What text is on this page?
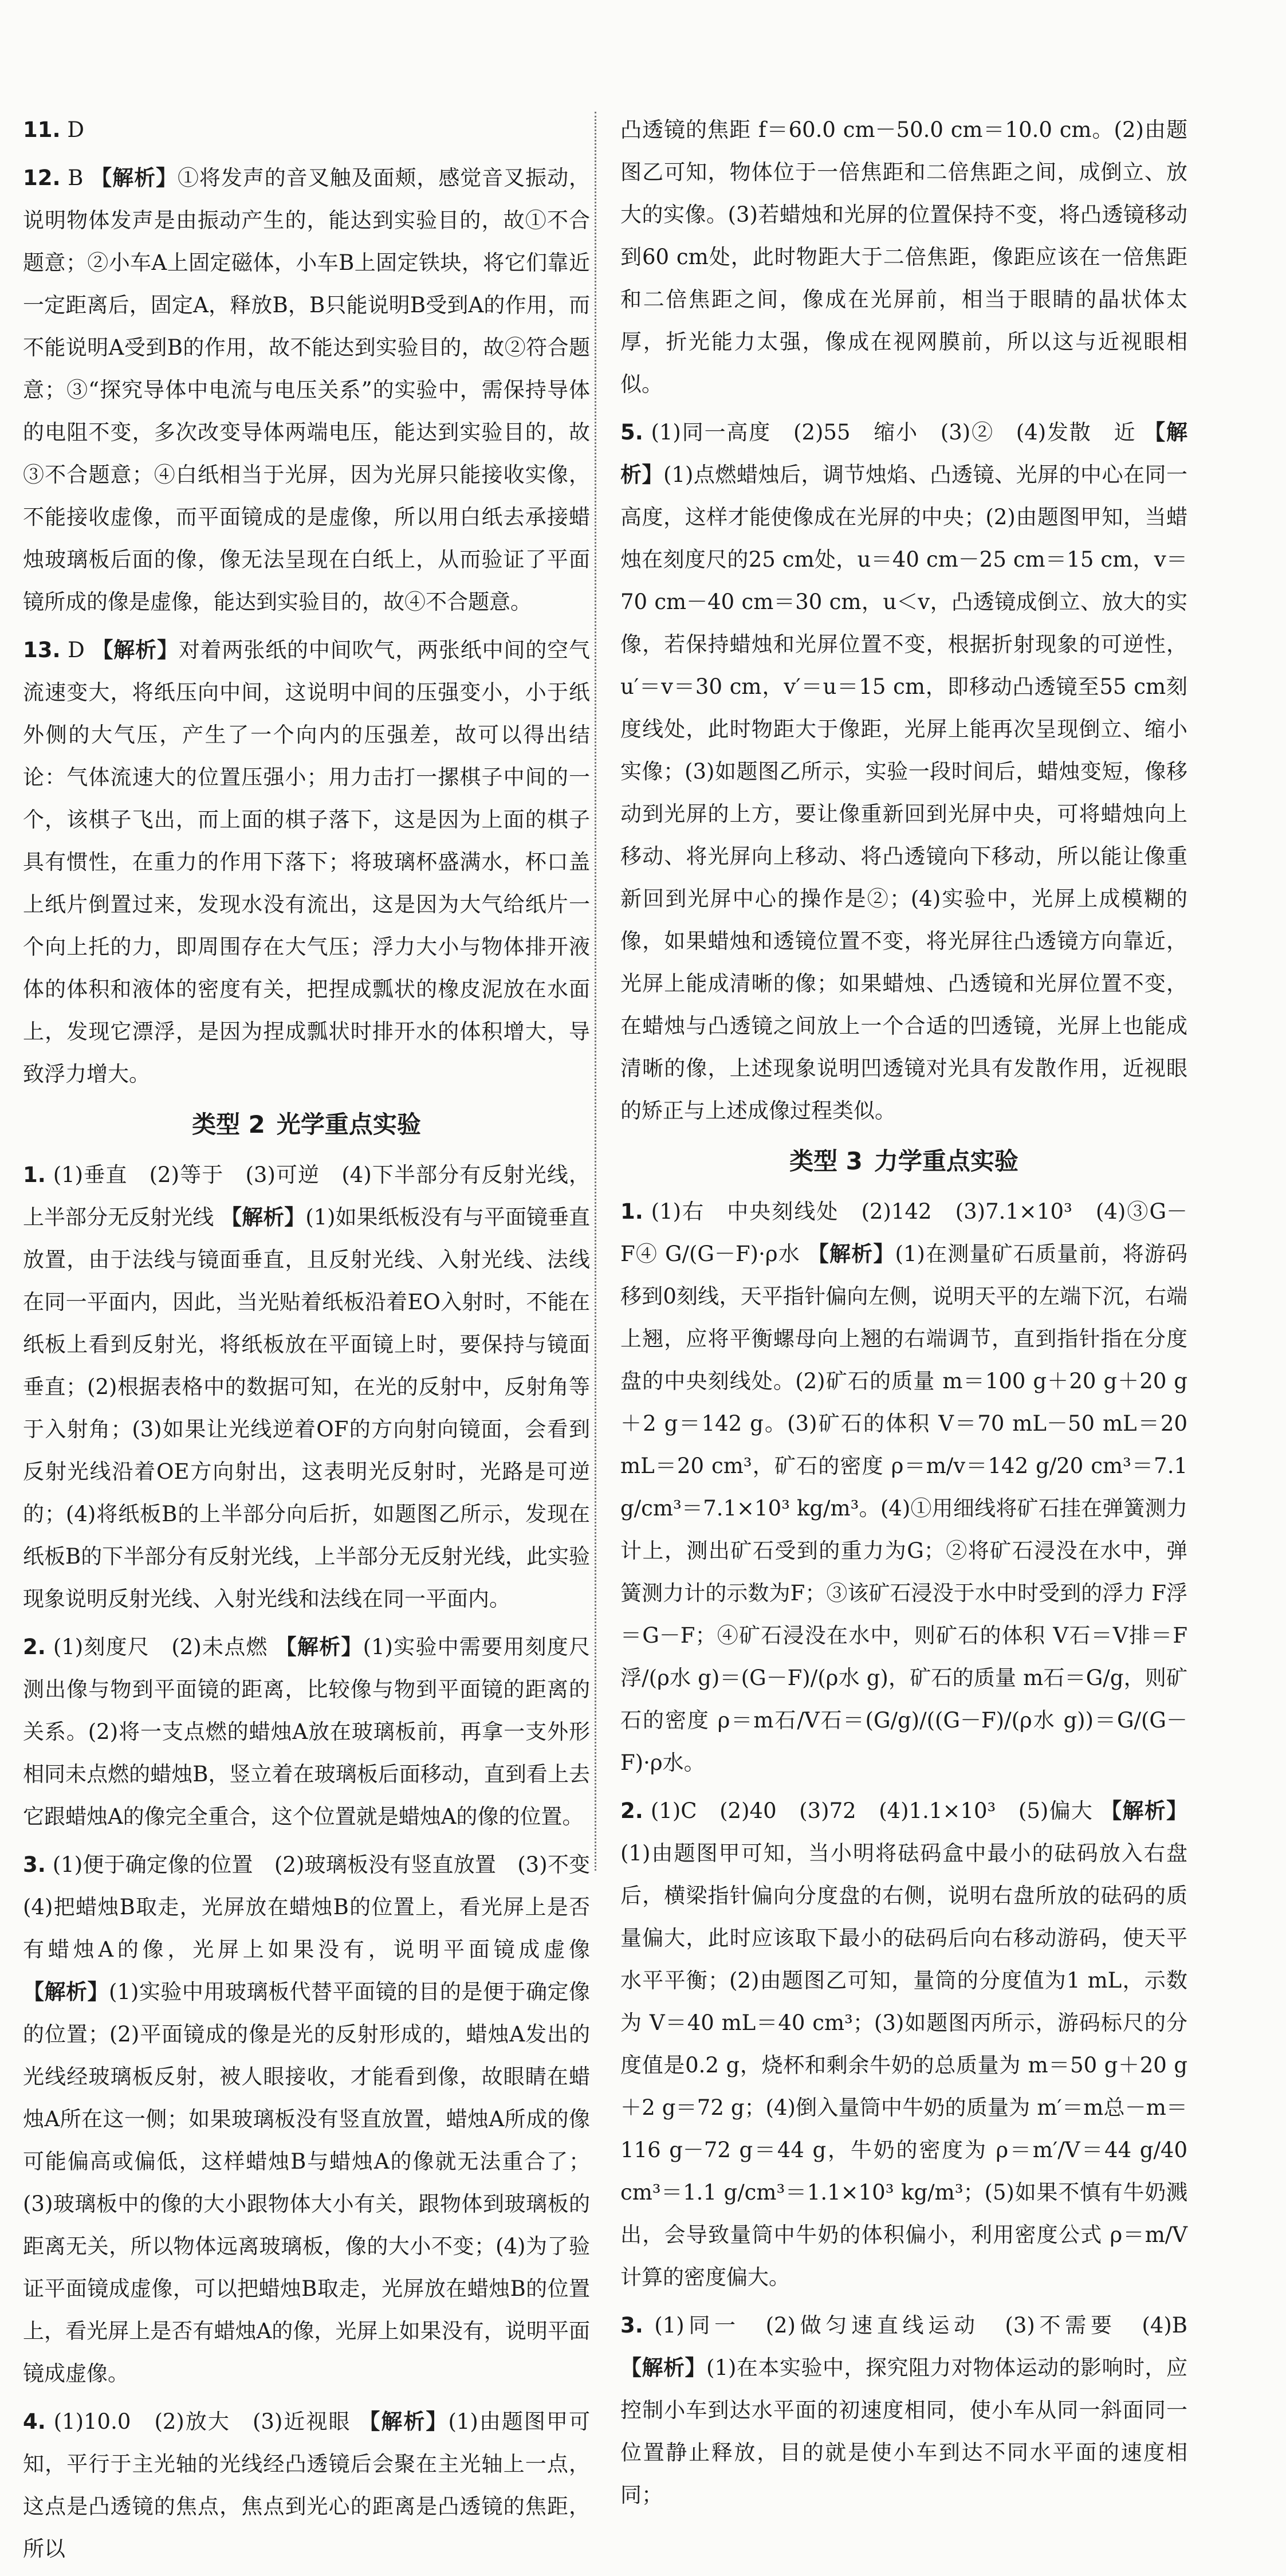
11. D

12. B 【解析】①将发声的音叉触及面颊，感觉音叉振动，说明物体发声是由振动产生的，能达到实验目的，故①不合题意；②小车A上固定磁体，小车B上固定铁块，将它们靠近一定距离后，固定A，释放B，B只能说明B受到A的作用，而不能说明A受到B的作用，故不能达到实验目的，故②符合题意；③“探究导体中电流与电压关系”的实验中，需保持导体的电阻不变，多次改变导体两端电压，能达到实验目的，故③不合题意；④白纸相当于光屏，因为光屏只能接收实像，不能接收虚像，而平面镜成的是虚像，所以用白纸去承接蜡烛玻璃板后面的像，像无法呈现在白纸上，从而验证了平面镜所成的像是虚像，能达到实验目的，故④不合题意。

13. D 【解析】对着两张纸的中间吹气，两张纸中间的空气流速变大，将纸压向中间，这说明中间的压强变小，小于纸外侧的大气压，产生了一个向内的压强差，故可以得出结论：气体流速大的位置压强小；用力击打一摞棋子中间的一个，该棋子飞出，而上面的棋子落下，这是因为上面的棋子具有惯性，在重力的作用下落下；将玻璃杯盛满水，杯口盖上纸片倒置过来，发现水没有流出，这是因为大气给纸片一个向上托的力，即周围存在大气压；浮力大小与物体排开液体的体积和液体的密度有关，把捏成瓢状的橡皮泥放在水面上，发现它漂浮，是因为捏成瓢状时排开水的体积增大，导致浮力增大。

类型 2 光学重点实验

1. (1)垂直　(2)等于　(3)可逆　(4)下半部分有反射光线，上半部分无反射光线 【解析】(1)如果纸板没有与平面镜垂直放置，由于法线与镜面垂直，且反射光线、入射光线、法线在同一平面内，因此，当光贴着纸板沿着EO入射时，不能在纸板上看到反射光，将纸板放在平面镜上时，要保持与镜面垂直；(2)根据表格中的数据可知，在光的反射中，反射角等于入射角；(3)如果让光线逆着OF的方向射向镜面，会看到反射光线沿着OE方向射出，这表明光反射时，光路是可逆的；(4)将纸板B的上半部分向后折，如题图乙所示，发现在纸板B的下半部分有反射光线，上半部分无反射光线，此实验现象说明反射光线、入射光线和法线在同一平面内。

2. (1)刻度尺　(2)未点燃 【解析】(1)实验中需要用刻度尺测出像与物到平面镜的距离，比较像与物到平面镜的距离的关系。(2)将一支点燃的蜡烛A放在玻璃板前，再拿一支外形相同未点燃的蜡烛B，竖立着在玻璃板后面移动，直到看上去它跟蜡烛A的像完全重合，这个位置就是蜡烛A的像的位置。

3. (1)便于确定像的位置　(2)玻璃板没有竖直放置　(3)不变　(4)把蜡烛B取走，光屏放在蜡烛B的位置上，看光屏上是否有蜡烛A的像，光屏上如果没有，说明平面镜成虚像 【解析】(1)实验中用玻璃板代替平面镜的目的是便于确定像的位置；(2)平面镜成的像是光的反射形成的，蜡烛A发出的光线经玻璃板反射，被人眼接收，才能看到像，故眼睛在蜡烛A所在这一侧；如果玻璃板没有竖直放置，蜡烛A所成的像可能偏高或偏低，这样蜡烛B与蜡烛A的像就无法重合了；(3)玻璃板中的像的大小跟物体大小有关，跟物体到玻璃板的距离无关，所以物体远离玻璃板，像的大小不变；(4)为了验证平面镜成虚像，可以把蜡烛B取走，光屏放在蜡烛B的位置上，看光屏上是否有蜡烛A的像，光屏上如果没有，说明平面镜成虚像。

4. (1)10.0　(2)放大　(3)近视眼 【解析】(1)由题图甲可知，平行于主光轴的光线经凸透镜后会聚在主光轴上一点，这点是凸透镜的焦点，焦点到光心的距离是凸透镜的焦距，所以

凸透镜的焦距 f＝60.0 cm－50.0 cm＝10.0 cm。(2)由题图乙可知，物体位于一倍焦距和二倍焦距之间，成倒立、放大的实像。(3)若蜡烛和光屏的位置保持不变，将凸透镜移动到60 cm处，此时物距大于二倍焦距，像距应该在一倍焦距和二倍焦距之间，像成在光屏前，相当于眼睛的晶状体太厚，折光能力太强，像成在视网膜前，所以这与近视眼相似。

5. (1)同一高度　(2)55　缩小　(3)②　(4)发散　近 【解析】(1)点燃蜡烛后，调节烛焰、凸透镜、光屏的中心在同一高度，这样才能使像成在光屏的中央；(2)由题图甲知，当蜡烛在刻度尺的25 cm处，u＝40 cm－25 cm＝15 cm，v＝70 cm－40 cm＝30 cm，u＜v，凸透镜成倒立、放大的实像，若保持蜡烛和光屏位置不变，根据折射现象的可逆性，u′＝v＝30 cm，v′＝u＝15 cm，即移动凸透镜至55 cm刻度线处，此时物距大于像距，光屏上能再次呈现倒立、缩小实像；(3)如题图乙所示，实验一段时间后，蜡烛变短，像移动到光屏的上方，要让像重新回到光屏中央，可将蜡烛向上移动、将光屏向上移动、将凸透镜向下移动，所以能让像重新回到光屏中心的操作是②；(4)实验中，光屏上成模糊的像，如果蜡烛和透镜位置不变，将光屏往凸透镜方向靠近，光屏上能成清晰的像；如果蜡烛、凸透镜和光屏位置不变，在蜡烛与凸透镜之间放上一个合适的凹透镜，光屏上也能成清晰的像，上述现象说明凹透镜对光具有发散作用，近视眼的矫正与上述成像过程类似。

类型 3 力学重点实验

1. (1)右　中央刻线处　(2)142　(3)7.1×10³　(4)③G－F④ G/(G－F)·ρ水 【解析】(1)在测量矿石质量前，将游码移到0刻线，天平指针偏向左侧，说明天平的左端下沉，右端上翘，应将平衡螺母向上翘的右端调节，直到指针指在分度盘的中央刻线处。(2)矿石的质量 m＝100 g＋20 g＋20 g＋2 g＝142 g。(3)矿石的体积 V＝70 mL－50 mL＝20 mL＝20 cm³，矿石的密度 ρ＝m/v＝142 g/20 cm³＝7.1 g/cm³＝7.1×10³ kg/m³。(4)①用细线将矿石挂在弹簧测力计上，测出矿石受到的重力为G；②将矿石浸没在水中，弹簧测力计的示数为F；③该矿石浸没于水中时受到的浮力 F浮＝G－F；④矿石浸没在水中，则矿石的体积 V石＝V排＝F浮/(ρ水 g)＝(G－F)/(ρ水 g)，矿石的质量 m石＝G/g，则矿石的密度 ρ＝m石/V石＝(G/g)/((G－F)/(ρ水 g))＝G/(G－F)·ρ水。

2. (1)C　(2)40　(3)72　(4)1.1×10³　(5)偏大 【解析】(1)由题图甲可知，当小明将砝码盒中最小的砝码放入右盘后，横梁指针偏向分度盘的右侧，说明右盘所放的砝码的质量偏大，此时应该取下最小的砝码后向右移动游码，使天平水平平衡；(2)由题图乙可知，量筒的分度值为1 mL，示数为 V＝40 mL＝40 cm³；(3)如题图丙所示，游码标尺的分度值是0.2 g，烧杯和剩余牛奶的总质量为 m＝50 g＋20 g＋2 g＝72 g；(4)倒入量筒中牛奶的质量为 m′＝m总－m＝116 g－72 g＝44 g，牛奶的密度为 ρ＝m′/V＝44 g/40 cm³＝1.1 g/cm³＝1.1×10³ kg/m³；(5)如果不慎有牛奶溅出，会导致量筒中牛奶的体积偏小，利用密度公式 ρ＝m/V 计算的密度偏大。

3. (1)同一　(2)做匀速直线运动　(3)不需要　(4)B 【解析】(1)在本实验中，探究阻力对物体运动的影响时，应控制小车到达水平面的初速度相同，使小车从同一斜面同一位置静止释放，目的就是使小车到达不同水平面的速度相同；
